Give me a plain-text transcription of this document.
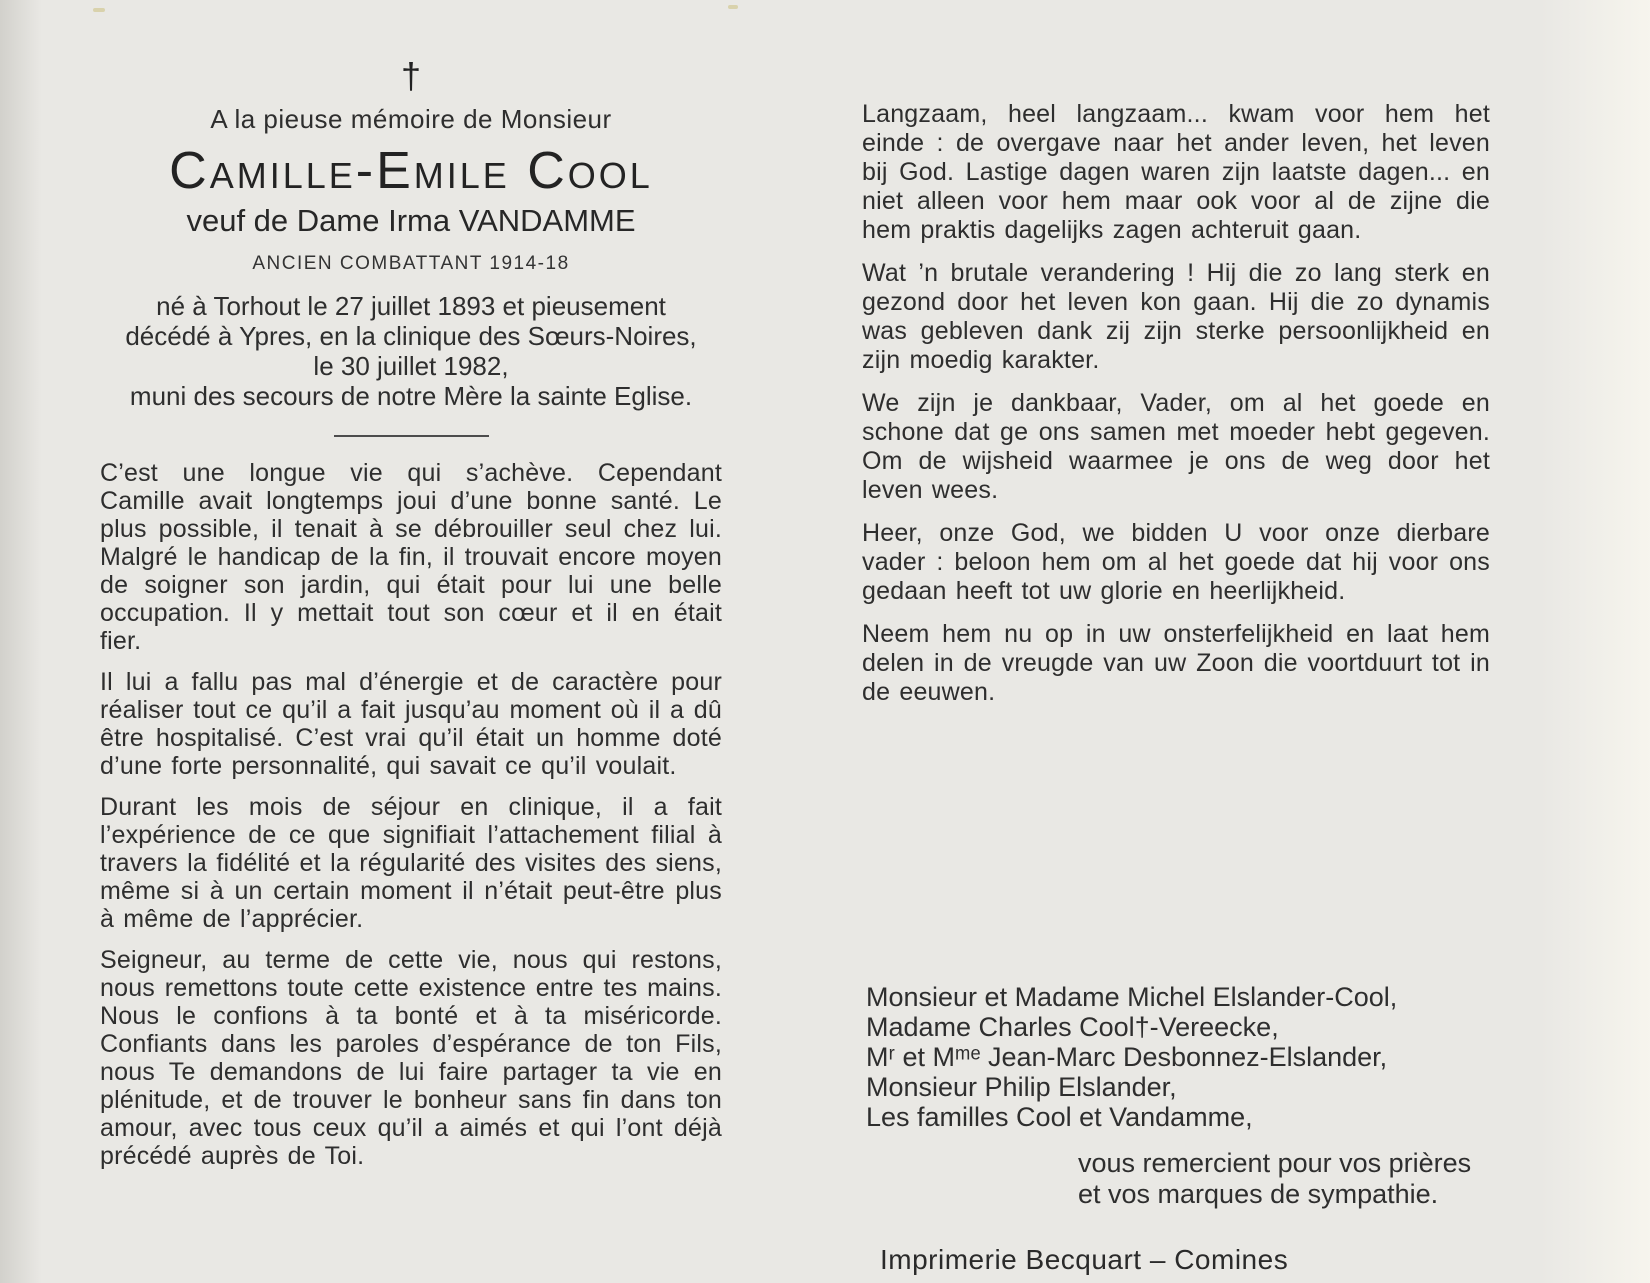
†
A la pieuse mémoire de Monsieur
Camille-Emile Cool
veuf de Dame Irma VANDAMME
ANCIEN COMBATTANT 1914-18
né à Torhout le 27 juillet 1893 et pieusement
décédé à Ypres, en la clinique des Sœurs-Noires,
le 30 juillet 1982,
muni des secours de notre Mère la sainte Eglise.

C’est une longue vie qui s’achève. Cependant Camille avait longtemps joui d’une bonne santé. Le plus possible, il tenait à se débrouiller seul chez lui. Malgré le handicap de la fin, il trouvait encore moyen de soigner son jardin, qui était pour lui une belle occupation. Il y mettait tout son cœur et il en était fier.

Il lui a fallu pas mal d’énergie et de caractère pour réaliser tout ce qu’il a fait jusqu’au moment où il a dû être hospitalisé. C’est vrai qu’il était un homme doté d’une forte personnalité, qui savait ce qu’il voulait.

Durant les mois de séjour en clinique, il a fait l’expérience de ce que signifiait l’attachement filial à travers la fidélité et la régularité des visites des siens, même si à un certain moment il n’était peut-être plus à même de l’apprécier.

Seigneur, au terme de cette vie, nous qui restons, nous remettons toute cette existence entre tes mains. Nous le confions à ta bonté et à ta miséricorde. Confiants dans les paroles d’espérance de ton Fils, nous Te demandons de lui faire partager ta vie en plénitude, et de trouver le bonheur sans fin dans ton amour, avec tous ceux qu’il a aimés et qui l’ont déjà précédé auprès de Toi.

Langzaam, heel langzaam... kwam voor hem het einde : de overgave naar het ander leven, het leven bij God. Lastige dagen waren zijn laatste dagen... en niet alleen voor hem maar ook voor al de zijne die hem praktis dagelijks zagen achteruit gaan.

Wat ’n brutale verandering ! Hij die zo lang sterk en gezond door het leven kon gaan. Hij die zo dynamis was gebleven dank zij zijn sterke persoonlijkheid en zijn moedig karakter.

We zijn je dankbaar, Vader, om al het goede en schone dat ge ons samen met moeder hebt gegeven. Om de wijsheid waarmee je ons de weg door het leven wees.

Heer, onze God, we bidden U voor onze dierbare vader : beloon hem om al het goede dat hij voor ons gedaan heeft tot uw glorie en heerlijkheid.

Neem hem nu op in uw onsterfelijkheid en laat hem delen in de vreugde van uw Zoon die voortduurt tot in de eeuwen.

Monsieur et Madame Michel Elslander-Cool,
Madame Charles Cool†-Vereecke,
Mʳ et Mᵐᵉ Jean-Marc Desbonnez-Elslander,
Monsieur Philip Elslander,
Les familles Cool et Vandamme,
vous remercient pour vos prières
et vos marques de sympathie.
Imprimerie Becquart – Comines
